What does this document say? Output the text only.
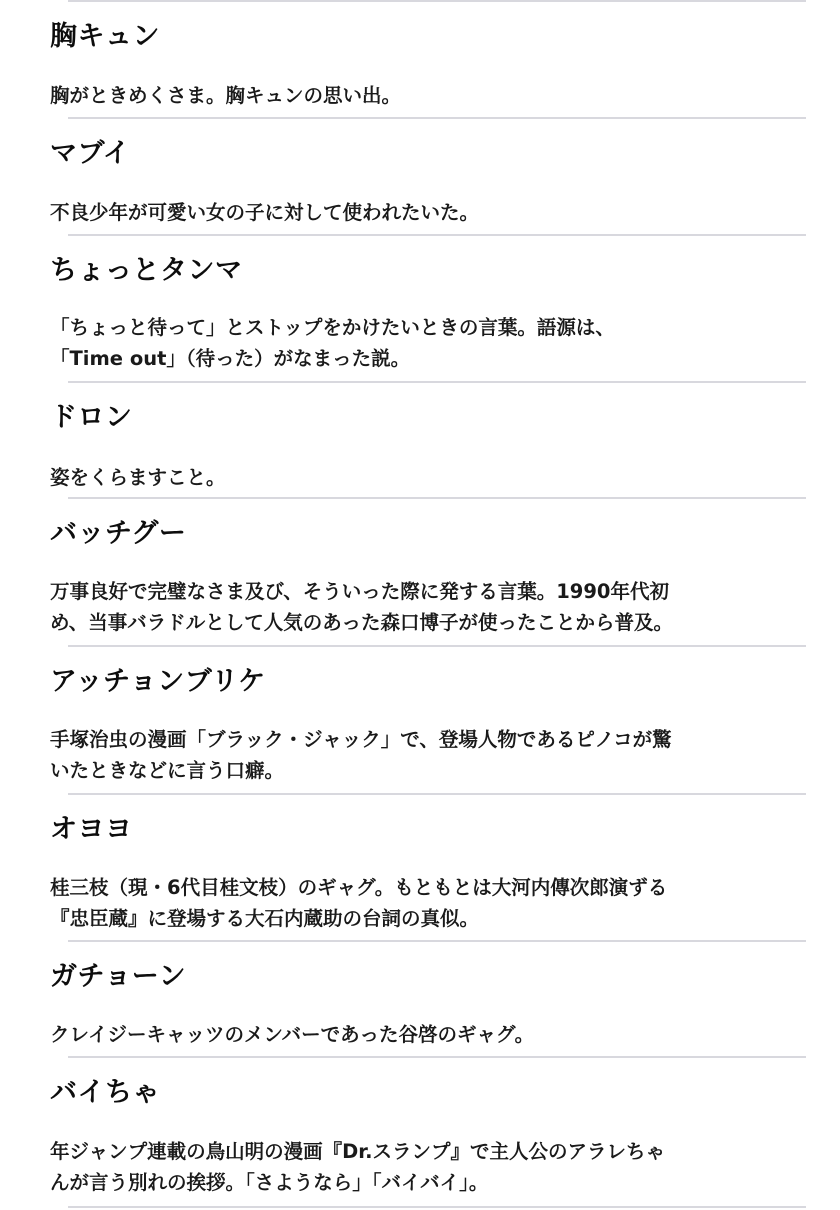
胸キュン
胸がときめくさま。胸キュンの思い出。
マブイ
不良少年が可愛い女の子に対して使われたいた。
ちょっとタンマ
「ちょっと待って」とストップをかけたいときの言葉。語源は、
「Time out」（待った）がなまった説。
ドロン
姿をくらますこと。
バッチグー
万事良好で完璧なさま及び、そういった際に発する言葉。1990年代初
め、当事バラドルとして人気のあった森口博子が使ったことから普及。
アッチョンブリケ
手塚治虫の漫画「ブラック・ジャック」で、登場人物であるピノコが驚
いたときなどに言う口癖。
オヨヨ
桂三枝（現・6代目桂文枝）のギャグ。もともとは大河内傳次郎演ずる
『忠臣蔵』に登場する大石内蔵助の台詞の真似。
ガチョーン
クレイジーキャッツのメンバーであった谷啓のギャグ。
バイちゃ
年ジャンプ連載の鳥山明の漫画『Dr.スランプ』で主人公のアラレちゃ
んが言う別れの挨拶。「さようなら」「バイバイ」。
